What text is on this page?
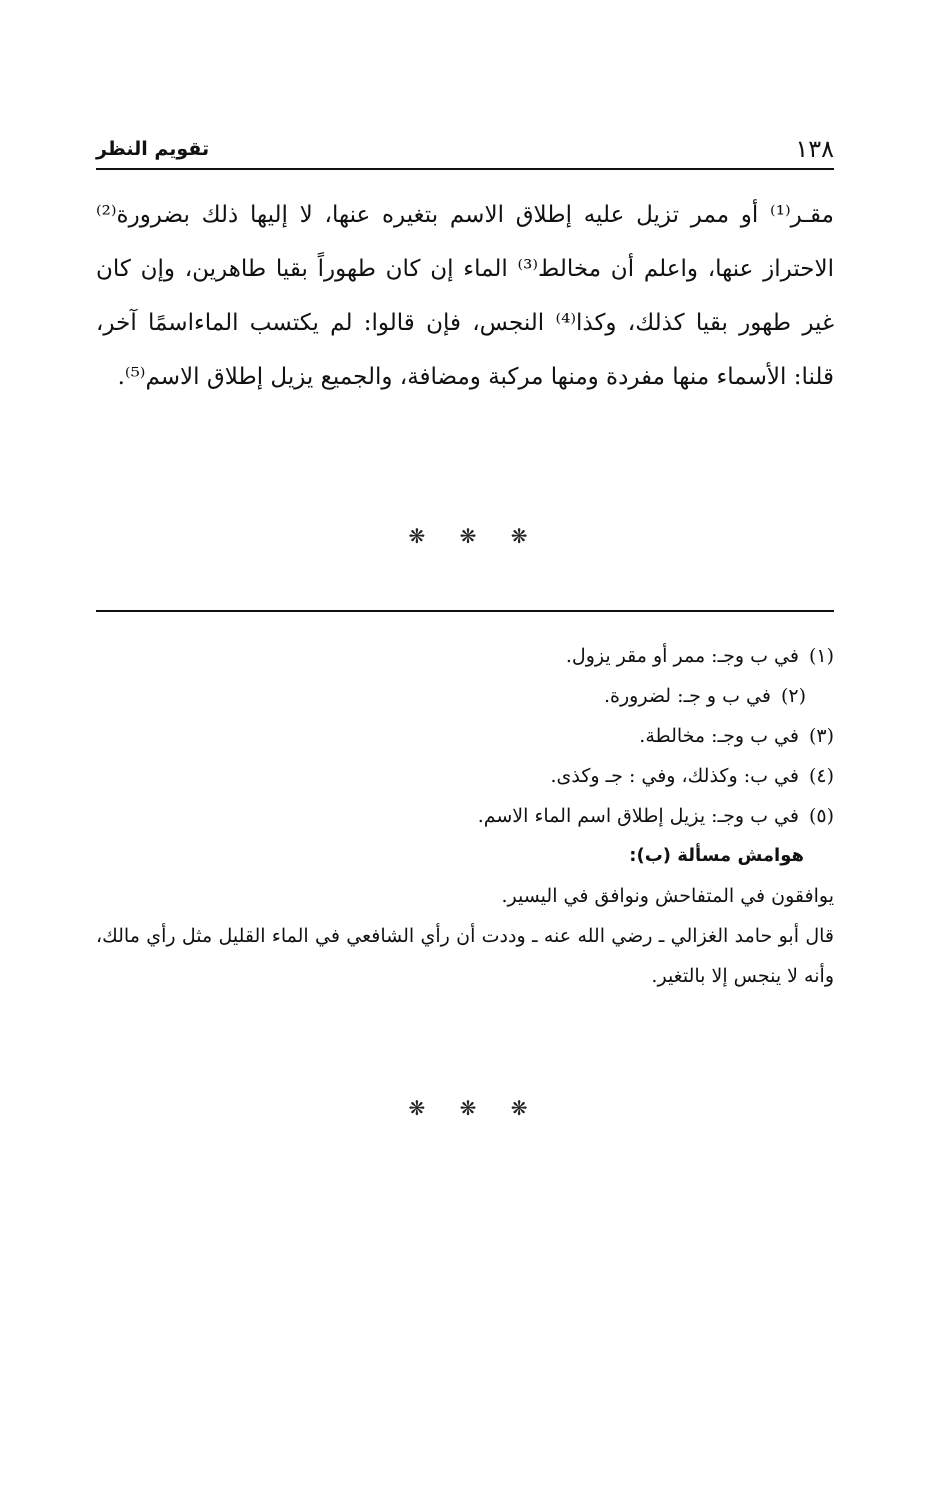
١٣٨
تقويم النظر

مقـر⁽¹⁾ أو ممر تزيل عليه إطلاق الاسم بتغيره عنها، لا إليها ذلك بضرورة⁽²⁾ الاحتراز عنها، واعلم أن مخالط⁽³⁾ الماء إن كان طهوراً بقيا طاهرين، وإن كان غير طهور بقيا كذلك، وكذا⁽⁴⁾ النجس، فإن قالوا: لم يكتسب الماءاسمًا آخر، قلنا: الأسماء منها مفردة ومنها مركبة ومضافة، والجميع يزيل إطلاق الاسم⁽⁵⁾.

❋ ❋ ❋

(١)في ب وجـ: ممر أو مقر يزول.

(٢)في ب و جـ: لضرورة.

(٣)في ب وجـ: مخالطة.

(٤)في ب: وكذلك، وفي : جـ وكذى.

(٥)في ب وجـ: يزيل إطلاق اسم الماء الاسم.

هوامش مسألة (ب):

يوافقون في المتفاحش ونوافق في اليسير.

قال أبو حامد الغزالي ـ رضي الله عنه ـ وددت أن رأي الشافعي في الماء القليل مثل رأي مالك، وأنه لا ينجس إلا بالتغير.

❋ ❋ ❋
